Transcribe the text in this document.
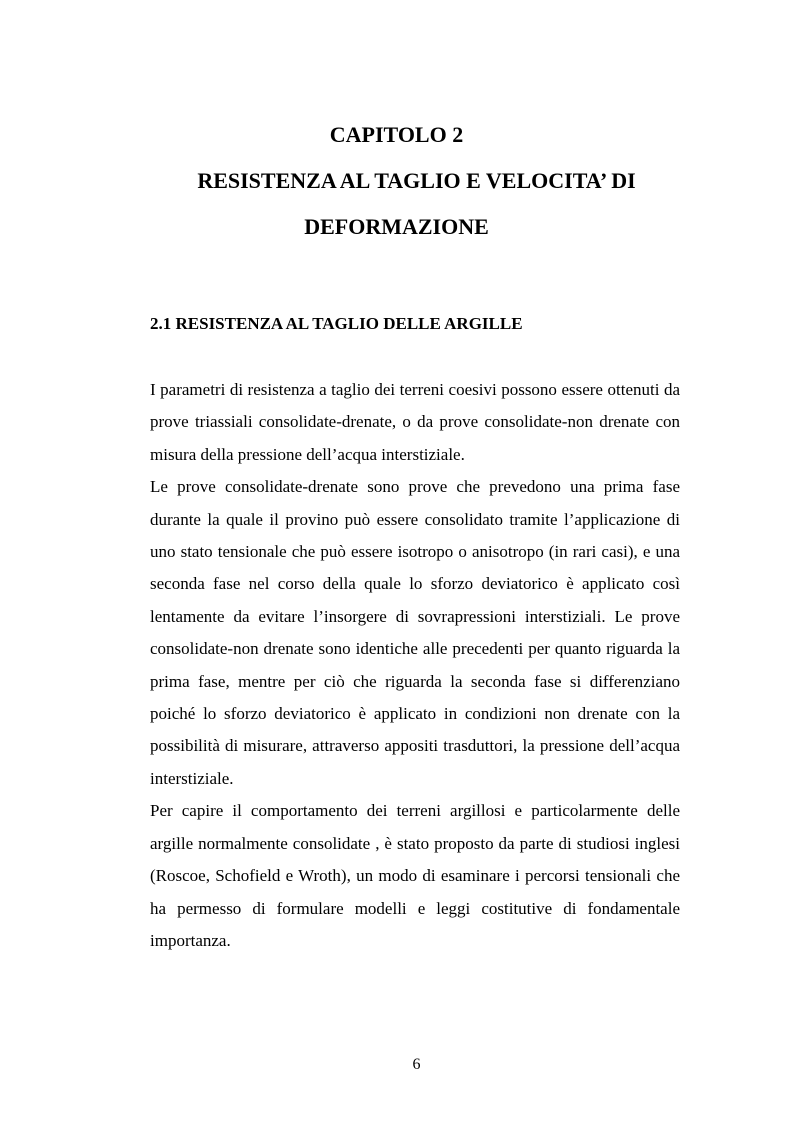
CAPITOLO 2
RESISTENZA AL TAGLIO E VELOCITA’ DI
DEFORMAZIONE
2.1 RESISTENZA AL TAGLIO DELLE ARGILLE

I parametri di resistenza a taglio dei terreni coesivi possono essere ottenuti da prove triassiali consolidate-drenate, o da prove consolidate-non drenate con misura della pressione dell’acqua interstiziale.

Le prove consolidate-drenate sono prove che prevedono una prima fase durante la quale il provino può essere consolidato tramite l’applicazione di uno stato tensionale che può essere isotropo o anisotropo (in rari casi), e una seconda fase nel corso della quale lo sforzo deviatorico è applicato così lentamente da evitare l’insorgere di sovrapressioni interstiziali. Le prove consolidate-non drenate sono identiche alle precedenti per quanto riguarda la prima fase, mentre per ciò che riguarda la seconda fase si differenziano poiché lo sforzo deviatorico è applicato in condizioni non drenate con la possibilità di misurare, attraverso appositi trasduttori, la pressione dell’acqua interstiziale.

Per capire il comportamento dei terreni argillosi e particolarmente delle argille normalmente consolidate , è stato proposto da parte di studiosi inglesi (Roscoe, Schofield e Wroth), un modo di esaminare i percorsi tensionali che ha permesso di formulare modelli e leggi costitutive di fondamentale importanza.

6
